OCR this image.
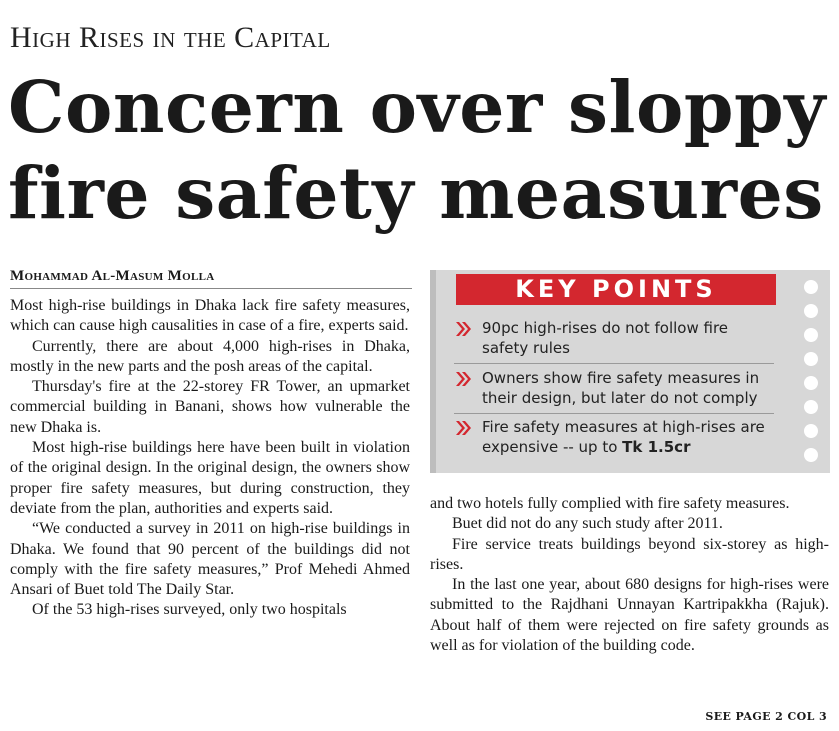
High Rises in the Capital
Concern over sloppy fire safety measures
Mohammad Al-Masum Molla

Most high-rise buildings in Dhaka lack fire safety measures, which can cause high causalities in case of a fire, experts said.

Currently, there are about 4,000 high-rises in Dhaka, mostly in the new parts and the posh areas of the capital.

Thursday's fire at the 22-storey FR Tower, an upmarket commercial building in Banani, shows how vulnerable the new Dhaka is.

Most high-rise buildings here have been built in violation of the original design. In the original design, the owners show proper fire safety measures, but during construction, they deviate from the plan, authorities and experts said.

“We conducted a survey in 2011 on high-rise buildings in Dhaka. We found that 90 percent of the buildings did not comply with the fire safety measures,” Prof Mehedi Ahmed Ansari of Buet told The Daily Star.

Of the 53 high-rises surveyed, only two hospitals

KEY POINTS
90pc high-rises do not follow fire safety rules
Owners show fire safety measures in their design, but later do not comply
Fire safety measures at high-rises are expensive -- up to Tk 1.5cr

and two hotels fully complied with fire safety measures.

Buet did not do any such study after 2011.

Fire service treats buildings beyond six-storey as high-rises.

In the last one year, about 680 designs for high-rises were submitted to the Rajdhani Unnayan Kartripakkha (Rajuk). About half of them were rejected on fire safety grounds as well as for violation of the building code.

SEE PAGE 2 COL 3
